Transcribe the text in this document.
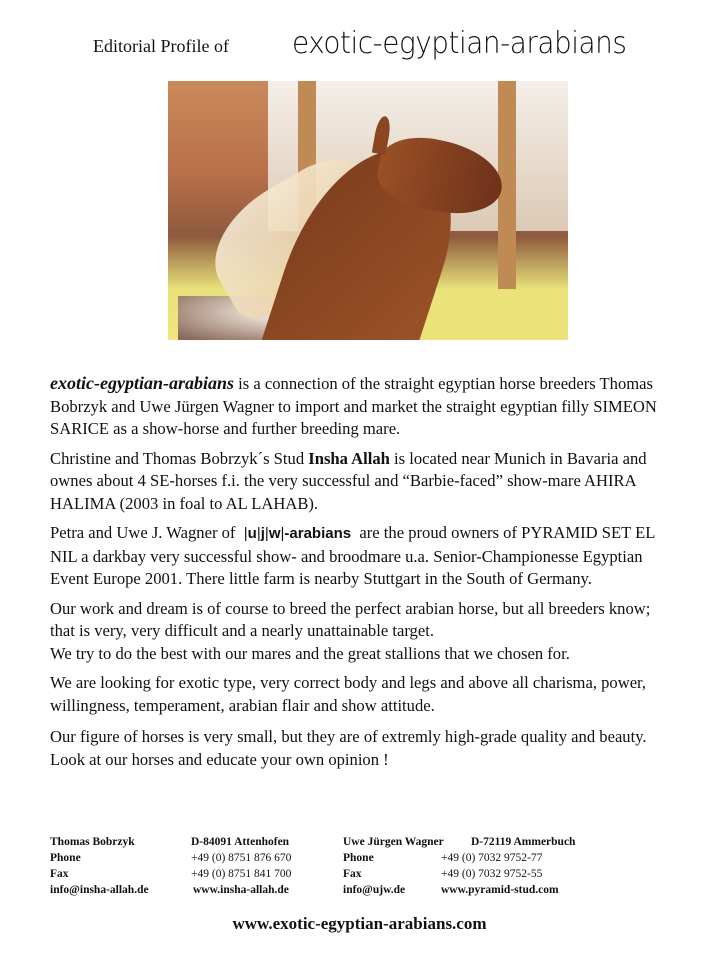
Editorial Profile of exotic-egyptian-arabians

exotic-egyptian-arabians is a connection of the straight egyptian horse breeders Thomas Bobrzyk and Uwe Jürgen Wagner to import and market the straight egyptian filly SIMEON SARICE as a show-horse and further breeding mare.

Christine and Thomas Bobrzyk´s Stud Insha Allah is located near Munich in Bavaria and ownes about 4 SE-horses f.i. the very successful and “Barbie-faced” show-mare AHIRA HALIMA (2003 in foal to AL LAHAB).

Petra and Uwe J. Wagner of  |u|j|w|-arabians  are the proud owners of PYRAMID SET EL NIL a darkbay very successful show- and broodmare u.a. Senior-Championesse Egyptian Event Europe 2001. There little farm is nearby Stuttgart in the South of Germany.

Our work and dream is of course to breed the perfect arabian horse, but all breeders know; that is very, very difficult and a nearly unattainable target.
We try to do the best with our mares and the great stallions that we chosen for.

We are looking for exotic type, very correct body and legs and above all charisma, power, willingness, temperament, arabian flair and show attitude.

Our figure of horses is very small, but they are of extremly high-grade quality and beauty. Look at our horses and educate your own opinion !

Thomas Bobrzyk	D-84091 Attenhofen
Phone	+49 (0) 8751 876 670
Fax	+49 (0) 8751 841 700
info@insha-allah.de	www.insha-allah.de
Uwe Jürgen Wagner D-72119 Ammerbuch
Phone	+49 (0) 7032 9752-77
Fax	+49 (0) 7032 9752-55
info@ujw.de	www.pyramid-stud.com
www.exotic-egyptian-arabians.com
